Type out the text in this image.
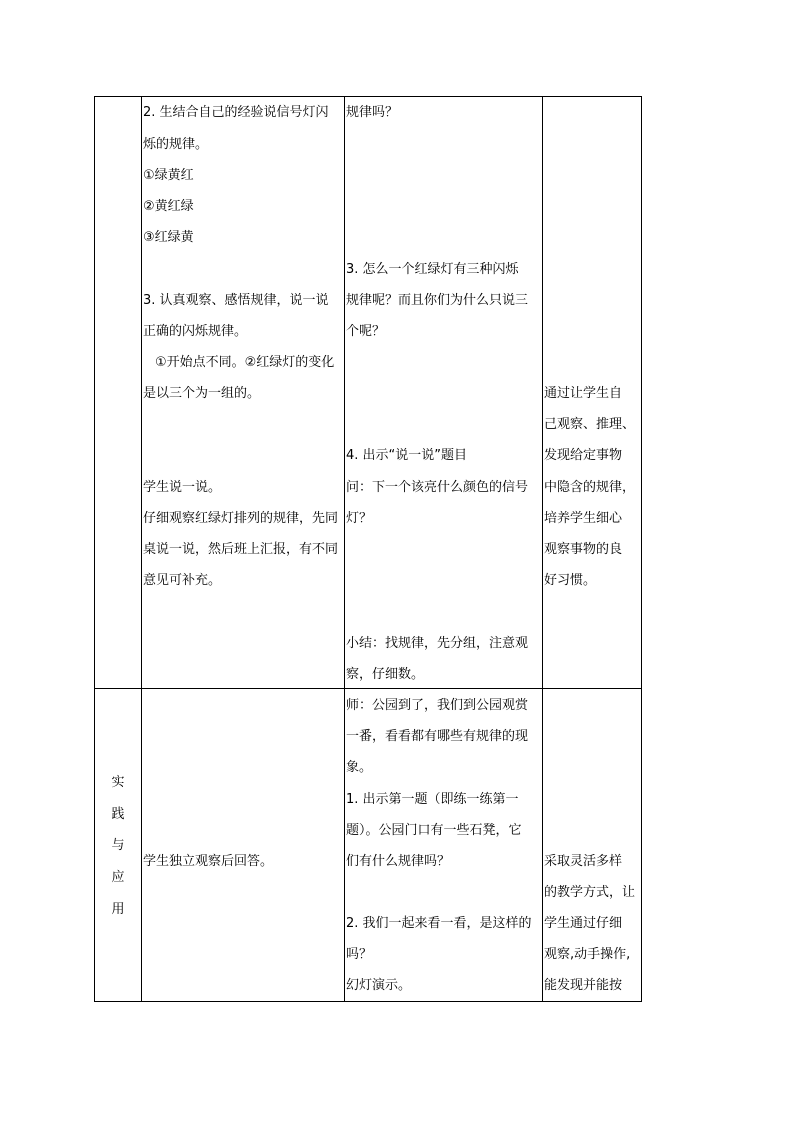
2. 生结合自己的经验说信号灯闪
烁的规律。
①绿黄红
②黄红绿
③红绿黄
3. 认真观察、感悟规律，说一说
正确的闪烁规律。
①开始点不同。②红绿灯的变化
是以三个为一组的。
学生说一说。
仔细观察红绿灯排列的规律，先同
桌说一说，然后班上汇报，有不同
意见可补充。
规律吗？
3. 怎么一个红绿灯有三种闪烁
规律呢？而且你们为什么只说三
个呢？
4. 出示“说一说”题目
问：下一个该亮什么颜色的信号
灯？
小结：找规律，先分组，注意观
察，仔细数。
通过让学生自
己观察、推理、
发现给定事物
中隐含的规律，
培养学生细心
观察事物的良
好习惯。
实
践
与
应
用
学生独立观察后回答。
师：公园到了，我们到公园观赏
一番，看看都有哪些有规律的现
象。
1. 出示第一题（即练一练第一
题）。公园门口有一些石凳，它
们有什么规律吗？
2. 我们一起来看一看，是这样的
吗？
幻灯演示。
采取灵活多样
的教学方式，让
学生通过仔细
观察,动手操作,
能发现并能按
